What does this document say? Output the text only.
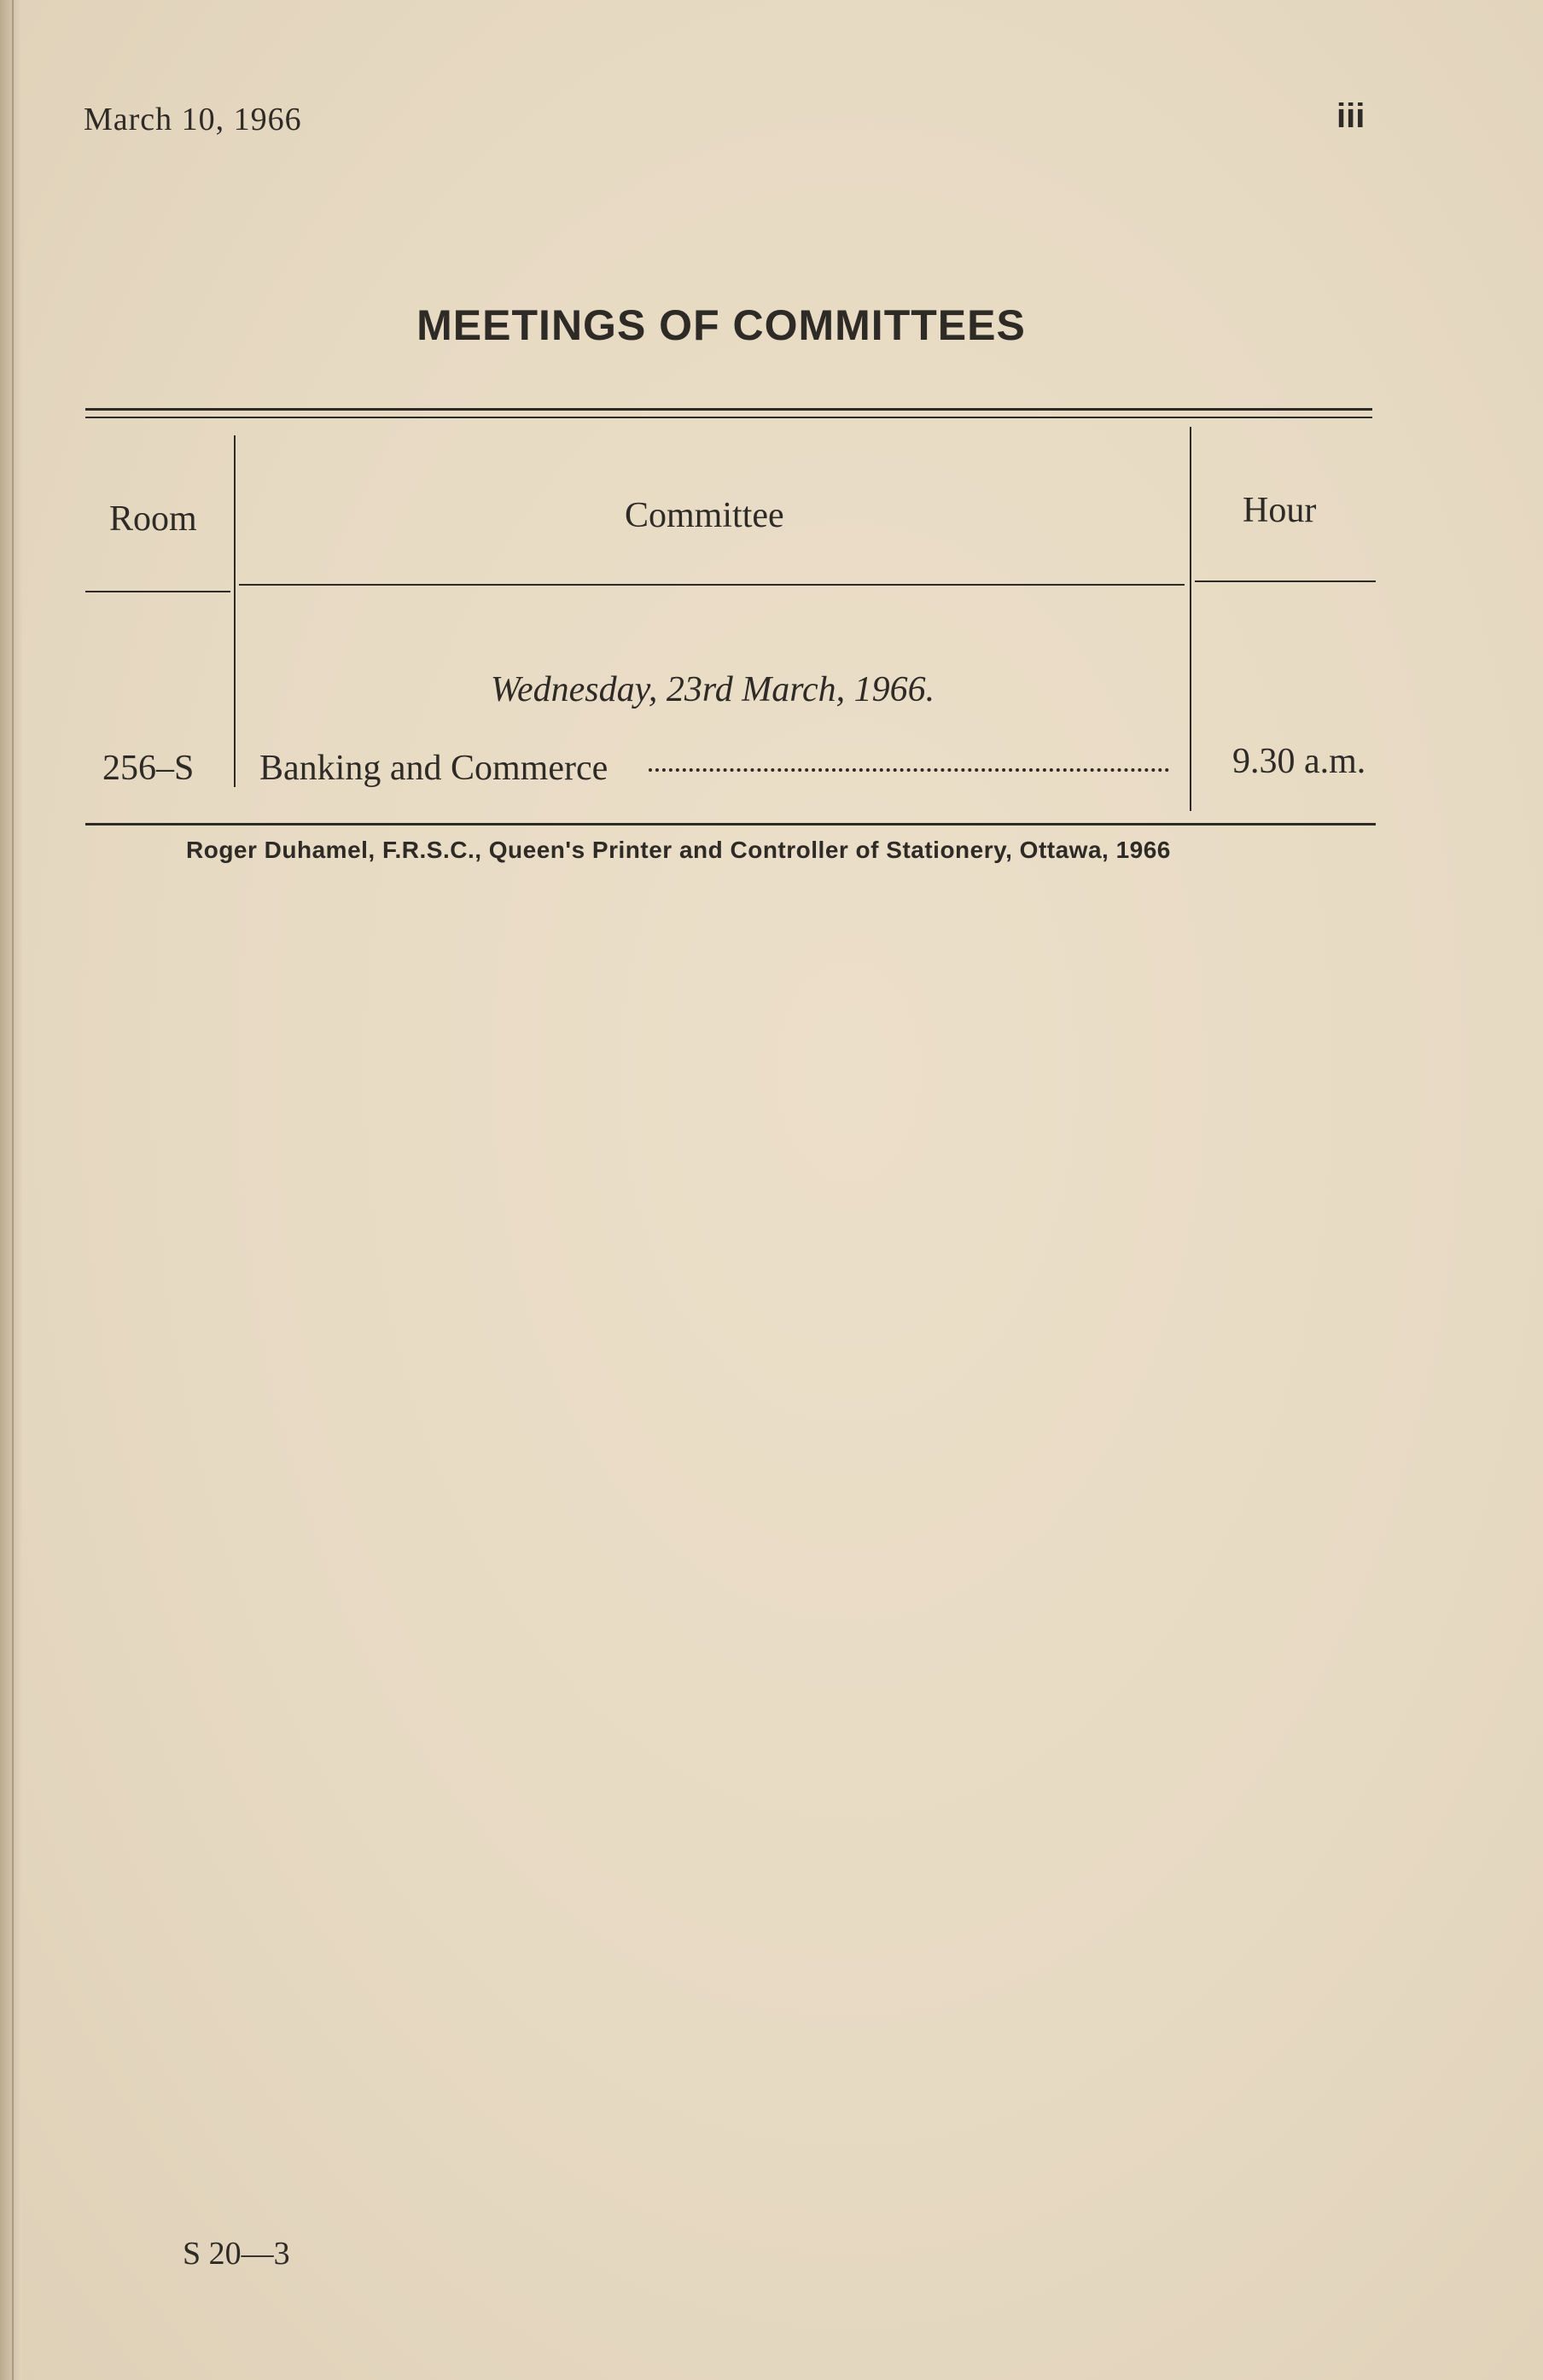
March 10, 1966	iii
MEETINGS OF COMMITTEES
Room	Committee	Hour
Wednesday, 23rd March, 1966.
256–S Banking and Commerce	9.30 a.m.
Roger Duhamel, F.R.S.C., Queen's Printer and Controller of Stationery, Ottawa, 1966
S 20—3
